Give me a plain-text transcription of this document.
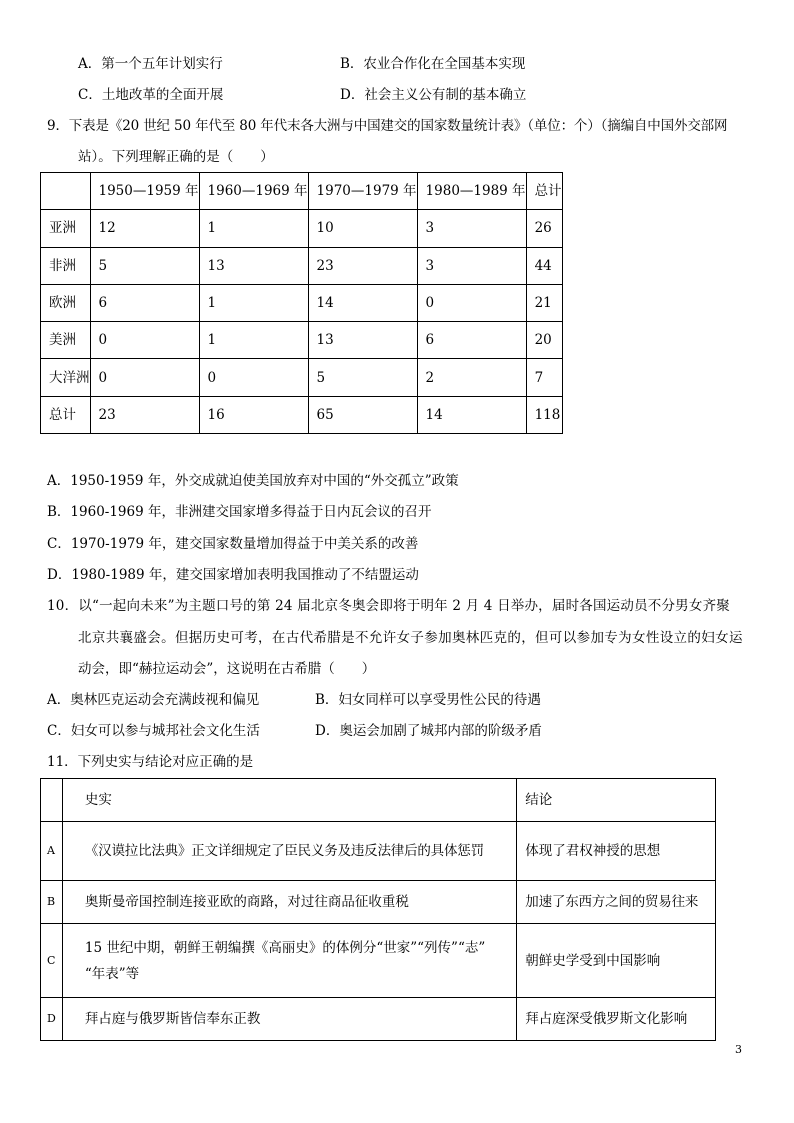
A．第一个五年计划实行	B．农业合作化在全国基本实现
C．土地改革的全面开展	D．社会主义公有制的基本确立
9．下表是《20 世纪 50 年代至 80 年代末各大洲与中国建交的国家数量统计表》（单位：个）（摘编自中国外交部网
站）。下列理解正确的是（　　）
	1950—1959 年	1960—1969 年	1970—1979 年	1980—1989 年	总计
亚洲	12	1	10	3	26
非洲	5	13	23	3	44
欧洲	6	1	14	0	21
美洲	0	1	13	6	20
大洋洲	0	0	5	2	7
总计	23	16	65	14	118
A．1950-1959 年，外交成就迫使美国放弃对中国的“外交孤立”政策
B．1960-1969 年，非洲建交国家增多得益于日内瓦会议的召开
C．1970-1979 年，建交国家数量增加得益于中美关系的改善
D．1980-1989 年，建交国家增加表明我国推动了不结盟运动
10．以“一起向未来”为主题口号的第 24 届北京冬奥会即将于明年 2 月 4 日举办，届时各国运动员不分男女齐聚
北京共襄盛会。但据历史可考，在古代希腊是不允许女子参加奥林匹克的，但可以参加专为女性设立的妇女运
动会，即“赫拉运动会”，这说明在古希腊（　　）
A．奥林匹克运动会充满歧视和偏见	B．妇女同样可以享受男性公民的待遇
C．妇女可以参与城邦社会文化生活	D．奥运会加剧了城邦内部的阶级矛盾
11．下列史实与结论对应正确的是
	史实	结论
A	《汉谟拉比法典》正文详细规定了臣民义务及违反法律后的具体惩罚	体现了君权神授的思想
B	奥斯曼帝国控制连接亚欧的商路，对过往商品征收重税	加速了东西方之间的贸易往来
C	15 世纪中期，朝鲜王朝编撰《高丽史》的体例分“世家”“列传”“志”
“年表”等	朝鲜史学受到中国影响
D	拜占庭与俄罗斯皆信奉东正教	拜占庭深受俄罗斯文化影响
3
